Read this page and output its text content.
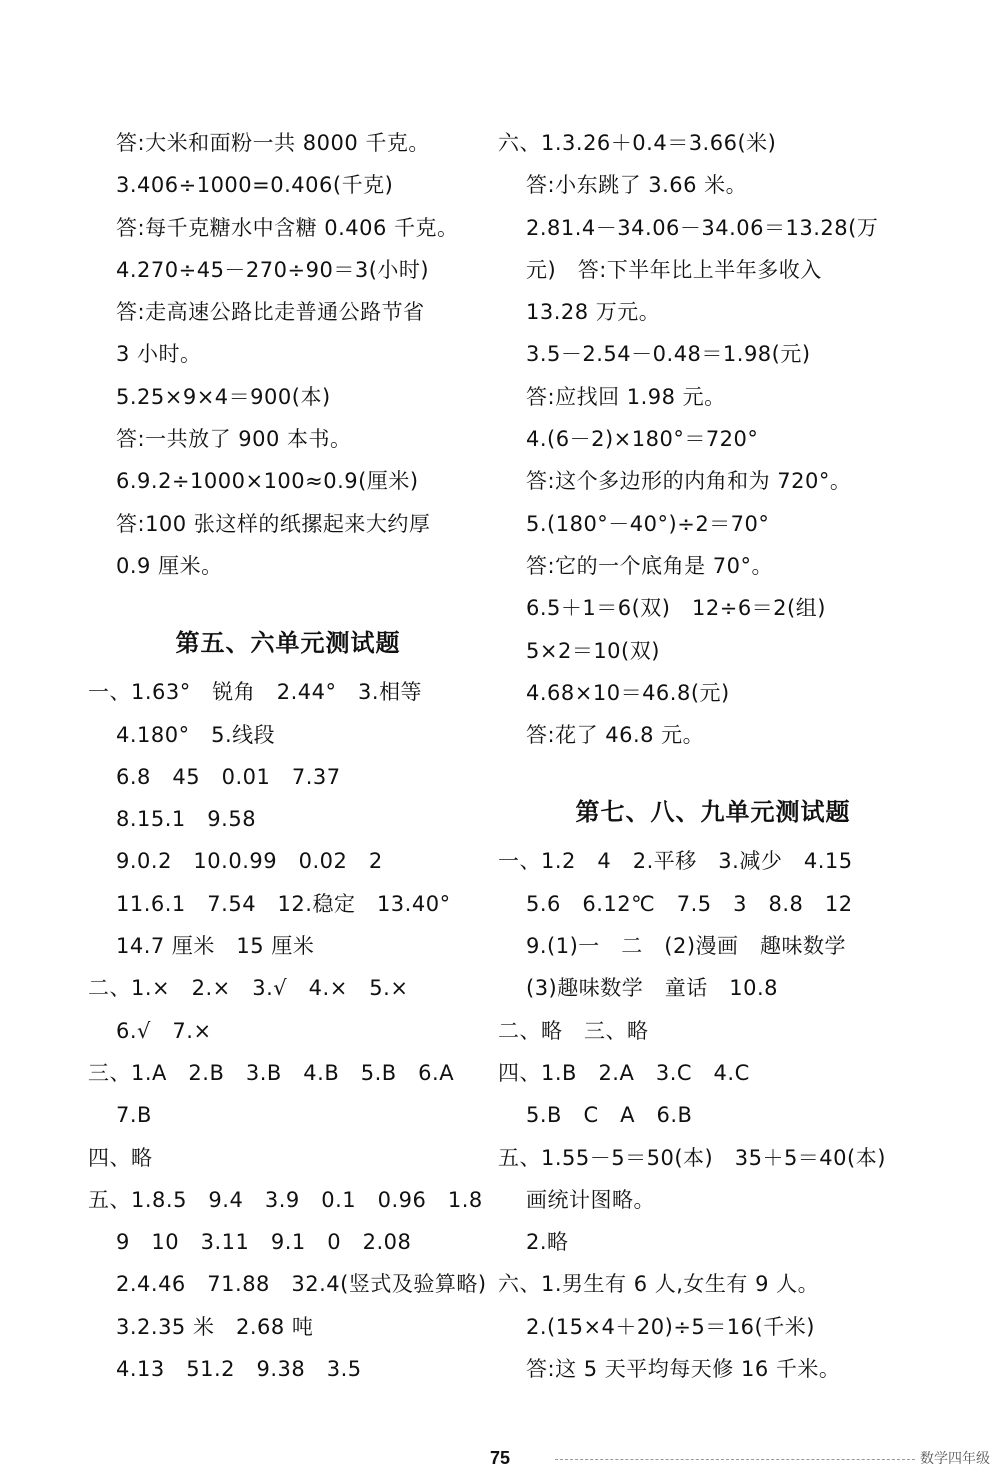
答:大米和面粉一共 8000 千克。
3.406÷1000=0.406(千克)
答:每千克糖水中含糖 0.406 千克。
4.270÷45－270÷90＝3(小时)
答:走高速公路比走普通公路节省
3 小时。
5.25×9×4＝900(本)
答:一共放了 900 本书。
6.9.2÷1000×100≈0.9(厘米)
答:100 张这样的纸摞起来大约厚
0.9 厘米。
第五、六单元测试题
一、1.63°　锐角　2.44°　3.相等
4.180°　5.线段
6.8　45　0.01　7.37
8.15.1　9.58
9.0.2　10.0.99　0.02　2
11.6.1　7.54　12.稳定　13.40°
14.7 厘米　15 厘米
二、1.×　2.×　3.√　4.×　5.×
6.√　7.×
三、1.A　2.B　3.B　4.B　5.B　6.A
7.B
四、略
五、1.8.5　9.4　3.9　0.1　0.96　1.8
9　10　3.11　9.1　0　2.08
2.4.46　71.88　32.4(竖式及验算略)
3.2.35 米　2.68 吨
4.13　51.2　9.38　3.5
六、1.3.26＋0.4＝3.66(米)
答:小东跳了 3.66 米。
2.81.4－34.06－34.06＝13.28(万
元)　答:下半年比上半年多收入
13.28 万元。
3.5－2.54－0.48＝1.98(元)
答:应找回 1.98 元。
4.(6－2)×180°＝720°
答:这个多边形的内角和为 720°。
5.(180°－40°)÷2＝70°
答:它的一个底角是 70°。
6.5＋1＝6(双)　12÷6＝2(组)
5×2＝10(双)
4.68×10＝46.8(元)
答:花了 46.8 元。
第七、八、九单元测试题
一、1.2　4　2.平移　3.减少　4.15
5.6　6.12℃　7.5　3　8.8　12
9.(1)一　二　(2)漫画　趣味数学
(3)趣味数学　童话　10.8
二、略　三、略
四、1.B　2.A　3.C　4.C
5.B　C　A　6.B
五、1.55－5＝50(本)　35＋5＝40(本)
画统计图略。
2.略
六、1.男生有 6 人,女生有 9 人。
2.(15×4＋20)÷5＝16(千米)
答:这 5 天平均每天修 16 千米。
75	数学四年级
